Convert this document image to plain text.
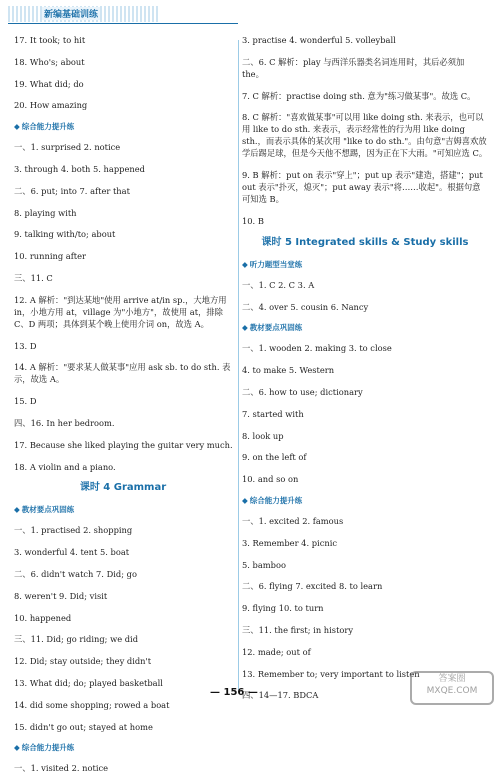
新编基础训练
17. It took; to hit
18. Who's; about
19. What did; do
20. How amazing
◆ 综合能力提升练
一、1. surprised 2. notice
3. through 4. both 5. happened
二、6. put; into 7. after that
8. playing with
9. talking with/to; about
10. running after
三、11. C
12. A 解析："到达某地"使用 arrive at/in sp.，大地方用 in，小地方用 at，village 为"小地方"，故使用 at，排除 C、D 两项；具体到某个晚上使用介词 on，故选 A。
13. D
14. A 解析："要求某人做某事"应用 ask sb. to do sth. 表示，故选 A。
15. D
四、16. In her bedroom.
17. Because she liked playing the guitar very much.
18. A violin and a piano.
课时 4 Grammar
◆ 教材要点巩固练
一、1. practised 2. shopping
3. wonderful 4. tent 5. boat
二、6. didn't watch 7. Did; go
8. weren't 9. Did; visit
10. happened
三、11. Did; go riding; we did
12. Did; stay outside; they didn't
13. What did; do; played basketball
14. did some shopping; rowed a boat
15. didn't go out; stayed at home
◆ 综合能力提升练
一、1. visited 2. notice
3. practise 4. wonderful 5. volleyball
二、6. C 解析：play 与西洋乐器类名词连用时，其后必须加 the。
7. C 解析：practise doing sth. 意为"练习做某事"。故选 C。
8. C 解析："喜欢做某事"可以用 like doing sth. 来表示，也可以用 like to do sth. 来表示，表示经常性的行为用 like doing sth.，而表示具体的某次用 "like to do sth."。由句意"吉姆喜欢放学后踢足球，但是今天他不想踢，因为正在下大雨。"可知应选 C。
9. B 解析：put on 表示"穿上"；put up 表示"建造，搭建"；put out 表示"扑灭，熄灭"；put away 表示"将……收起"。根据句意可知选 B。
10. B
课时 5 Integrated skills & Study skills
◆ 听力题型当堂练
一、1. C 2. C 3. A
二、4. over 5. cousin 6. Nancy
◆ 教材要点巩固练
一、1. wooden 2. making 3. to close
4. to make 5. Western
二、6. how to use; dictionary
7. started with
8. look up
9. on the left of
10. and so on
◆ 综合能力提升练
一、1. excited 2. famous
3. Remember 4. picnic
5. bamboo
二、6. flying 7. excited 8. to learn
9. flying 10. to turn
三、11. the first; in history
12. made; out of
13. Remember to; very important to listen
四、14—17. BDCA
— 156 —
答案圈 MXQE.COM
